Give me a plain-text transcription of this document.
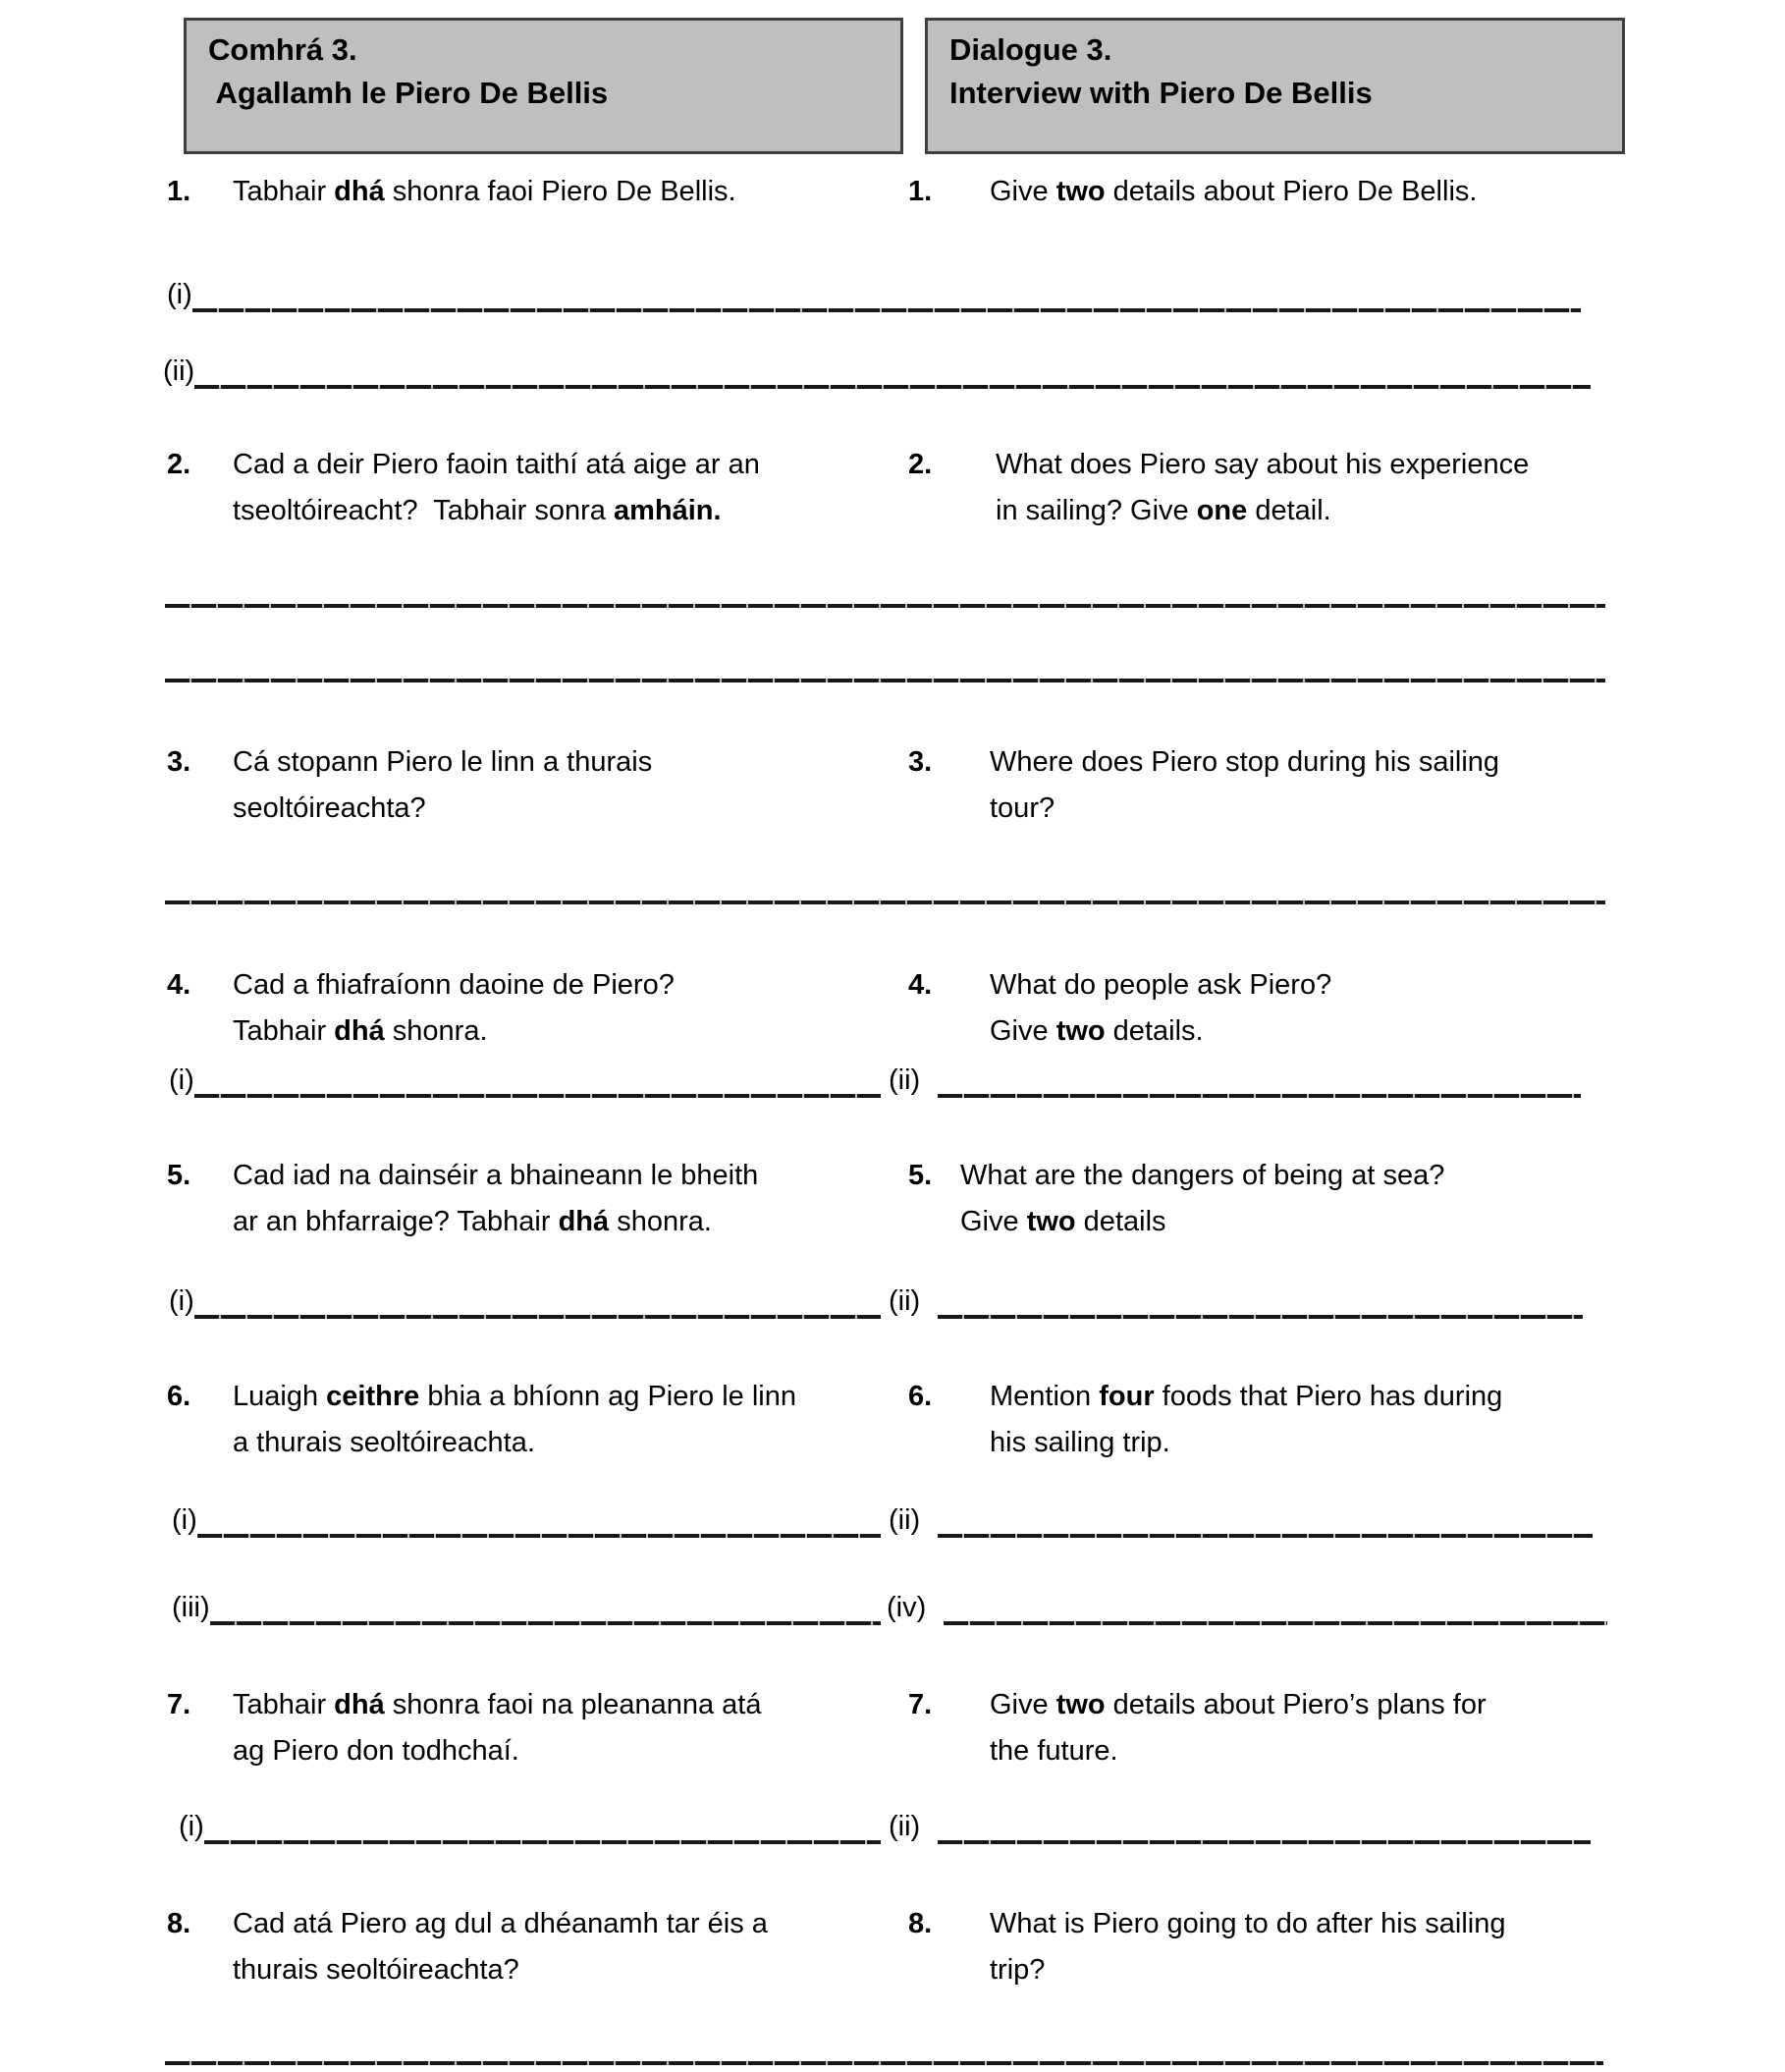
Comhrá 3.
Agallamh le Piero De Bellis
Dialogue 3.
Interview with Piero De Bellis
1. Tabhair dhá shonra faoi Piero De Bellis.	1. Give two details about Piero De Bellis.
(i)
(ii)
2. Cad a deir Piero faoin taithí atá aige ar an
tseoltóireacht?  Tabhair sonra amháin.
2. What does Piero say about his experience
in sailing? Give one detail.
3. Cá stopann Piero le linn a thurais
seoltóireachta?
3. Where does Piero stop during his sailing
tour?
4. Cad a fhiafraíonn daoine de Piero?
Tabhair dhá shonra.
4. What do people ask Piero?
Give two details.
(i)	(ii)
5. Cad iad na dainséir a bhaineann le bheith
ar an bhfarraige? Tabhair dhá shonra.
5. What are the dangers of being at sea?
Give two details
(i)	(ii)
6. Luaigh ceithre bhia a bhíonn ag Piero le linn
a thurais seoltóireachta.
6. Mention four foods that Piero has during
his sailing trip.
(i)	(ii)
(iii)	(iv)
7. Tabhair dhá shonra faoi na pleananna atá
ag Piero don todhchaí.
7. Give two details about Piero’s plans for
the future.
(i)	(ii)
8. Cad atá Piero ag dul a dhéanamh tar éis a
thurais seoltóireachta?
8. What is Piero going to do after his sailing
trip?
